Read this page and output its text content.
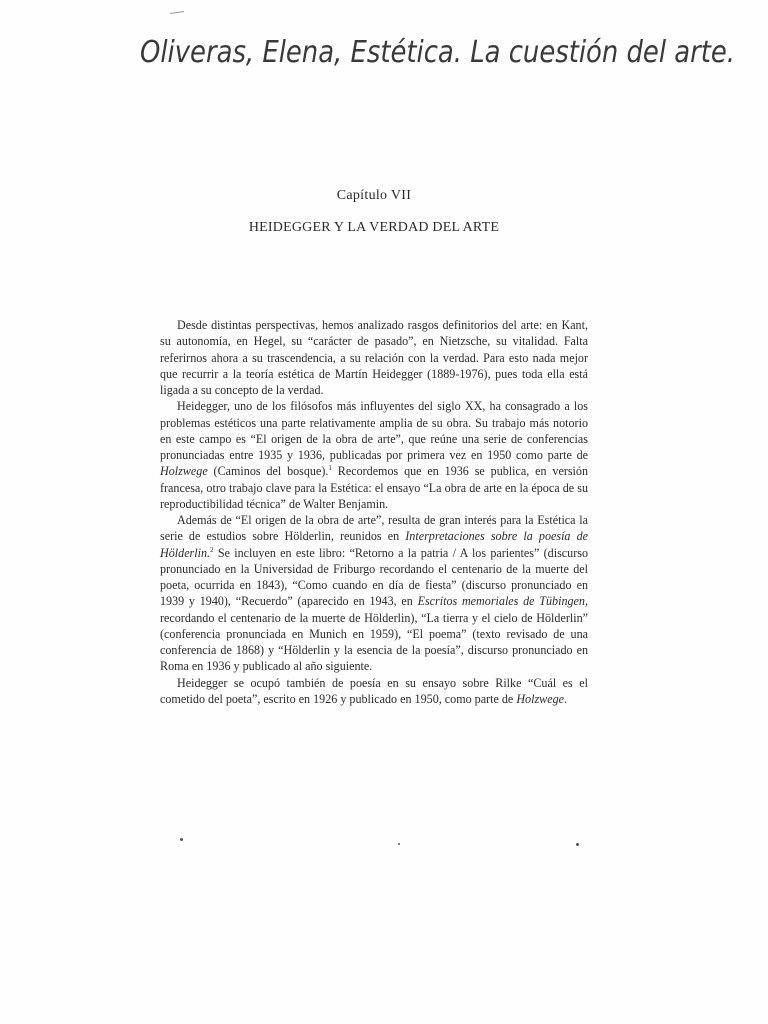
Oliveras, Elena, Estética. La cuestión del arte.
Capítulo VII
HEIDEGGER Y LA VERDAD DEL ARTE

Desde distintas perspectivas, hemos analizado rasgos definitorios del arte: en Kant, su autonomía, en Hegel, su “carácter de pasado”, en Nietzsche, su vitalidad. Falta referirnos ahora a su trascendencia, a su relación con la verdad. Para esto nada mejor que recurrir a la teoría estética de Martín Heidegger (1889-1976), pues toda ella está ligada a su concepto de la verdad.

Heidegger, uno de los filósofos más influyentes del siglo XX, ha consagrado a los problemas estéticos una parte relativamente amplia de su obra. Su trabajo más notorio en este campo es “El origen de la obra de arte”, que reúne una serie de conferencias pronunciadas entre 1935 y 1936, publicadas por primera vez en 1950 como parte de Holzwege (Caminos del bosque).$^1$ Recordemos que en 1936 se publica, en versión francesa, otro trabajo clave para la Estética: el ensayo “La obra de arte en la época de su reproductibilidad técnica” de Walter Benjamin.

Además de “El origen de la obra de arte”, resulta de gran interés para la Estética la serie de estudios sobre Hölderlin, reunidos en Interpretaciones sobre la poesía de Hölderlin.$^2$ Se incluyen en este libro: “Retorno a la patria / A los parientes” (discurso pronunciado en la Universidad de Friburgo recordando el centenario de la muerte del poeta, ocurrida en 1843), “Como cuando en día de fiesta” (discurso pronunciado en 1939 y 1940), “Recuerdo” (aparecido en 1943, en Escritos memoriales de Tübingen, recordando el centenario de la muerte de Hölderlin), “La tierra y el cielo de Hölderlin” (conferencia pronunciada en Munich en 1959), “El poema” (texto revisado de una conferencia de 1868) y “Hölderlin y la esencia de la poesía”, discurso pronunciado en Roma en 1936 y publicado al año siguiente.

Heidegger se ocupó también de poesía en su ensayo sobre Rilke “Cuál es el cometido del poeta”, escrito en 1926 y publicado en 1950, como parte de Holzwege.
